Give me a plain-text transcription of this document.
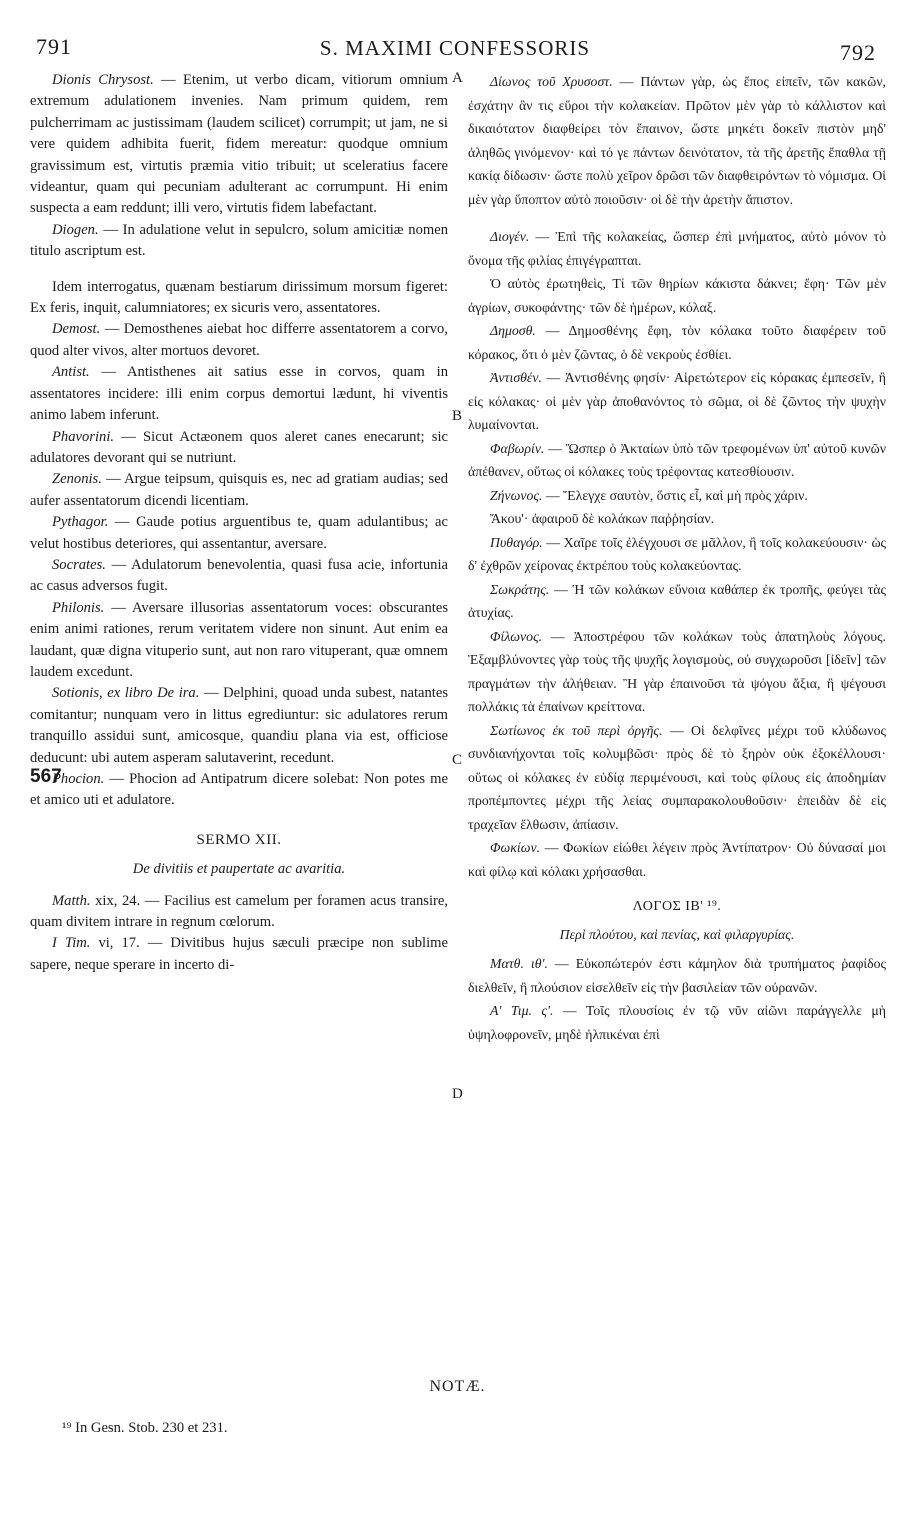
791	S. MAXIMI CONFESSORIS	792

Dionis Chrysost. — Etenim, ut verbo dicam, vitiorum omnium extremum adulationem invenies. Nam primum quidem, rem pulcherrimam ac justissimam (laudem scilicet) corrumpit; ut jam, ne si vere quidem adhibita fuerit, fidem mereatur: quodque omnium gravissimum est, virtutis præmia vitio tribuit; ut sceleratius facere videantur, quam qui pecuniam adulterant ac corrumpunt. Hi enim suspecta a eam reddunt; illi vero, virtutis fidem labefactant.

Diogen. — In adulatione velut in sepulcro, solum amicitiæ nomen titulo ascriptum est.

Idem interrogatus, quænam bestiarum dirissimum morsum figeret: Ex feris, inquit, calumniatores; ex sicuris vero, assentatores.

Demost. — Demosthenes aiebat hoc differre assentatorem a corvo, quod alter vivos, alter mortuos devoret.

Antist. — Antisthenes ait satius esse in corvos, quam in assentatores incidere: illi enim corpus demortui lædunt, hi viventis animo labem inferunt.

Phavorini. — Sicut Actæonem quos aleret canes enecarunt; sic adulatores devorant qui se nutriunt.

Zenonis. — Argue teipsum, quisquis es, nec ad gratiam audias; sed aufer assentatorum dicendi licentiam.

Pythagor. — Gaude potius arguentibus te, quam adulantibus; ac velut hostibus deteriores, qui assentantur, aversare.

Socrates. — Adulatorum benevolentia, quasi fusa acie, infortunia ac casus adversos fugit.

Philonis. — Aversare illusorias assentatorum voces: obscurantes enim animi rationes, rerum veritatem videre non sinunt. Aut enim ea laudant, quæ digna vituperio sunt, aut non raro vituperant, quæ omnem laudem excedunt.

Sotionis, ex libro De ira. — Delphini, quoad unda subest, natantes comitantur; nunquam vero in littus egrediuntur: sic adulatores rerum tranquillo assidui sunt, amicosque, quandiu plana via est, officiose deducunt: ubi autem asperam salutaverint, recedunt.

Phocion. — Phocion ad Antipatrum dicere solebat: Non potes me et amico uti et adulatore.

SERMO XII.

De divitiis et paupertate ac avaritia.

Matth. xix, 24. — Facilius est camelum per foramen acus transire, quam divitem intrare in regnum cœlorum.

I Tim. vi, 17. — Divitibus hujus sæculi præcipe non sublime sapere, neque sperare in incerto di-

Δίωνος τοῦ Χρυσοστ. — Πάντων γὰρ, ὡς ἔπος εἰπεῖν, τῶν κακῶν, ἐσχάτην ἂν τις εὕροι τὴν κολακείαν. Πρῶτον μὲν γὰρ τὸ κάλλιστον καὶ δικαιότατον διαφθείρει τὸν ἔπαινον, ὥστε μηκέτι δοκεῖν πιστὸν μηδ' ἀληθῶς γινόμενον· καὶ τό γε πάντων δεινότατον, τὰ τῆς ἀρετῆς ἔπαθλα τῇ κακίᾳ δίδωσιν· ὥστε πολὺ χεῖρον δρῶσι τῶν διαφθειρόντων τὸ νόμισμα. Οἱ μὲν γὰρ ὕποπτον αὐτὸ ποιοῦσιν· οἱ δὲ τὴν ἀρετὴν ἄπιστον.

Διογέν. — Ἐπὶ τῆς κολακείας, ὥσπερ ἐπὶ μνήματος, αὐτὸ μόνον τὸ ὄνομα τῆς φιλίας ἐπιγέγραπται.

Ὁ αὐτὸς ἐρωτηθεὶς, Τί τῶν θηρίων κάκιστα δάκνει; ἔφη· Τῶν μὲν ἀγρίων, συκοφάντης· τῶν δὲ ἡμέρων, κόλαξ.

Δημοσθ. — Δημοσθένης ἔφη, τὸν κόλακα τοῦτο διαφέρειν τοῦ κόρακος, ὅτι ὁ μὲν ζῶντας, ὁ δὲ νεκροὺς ἐσθίει.

Ἀντισθέν. — Ἀντισθένης φησίν· Αἱρετώτερον εἰς κόρακας ἐμπεσεῖν, ἢ εἰς κόλακας· οἱ μὲν γὰρ ἀποθανόντος τὸ σῶμα, οἱ δὲ ζῶντος τὴν ψυχὴν λυμαίνονται.

Φαβωρίν. — Ὥσπερ ὁ Ἀκταίων ὑπὸ τῶν τρεφομένων ὑπ' αὐτοῦ κυνῶν ἀπέθανεν, οὕτως οἱ κόλακες τοὺς τρέφοντας κατεσθίουσιν.

Ζήνωνος. — Ἔλεγχε σαυτὸν, ὅστις εἶ, καὶ μὴ πρὸς χάριν.

Ἄκου'· ἀφαιροῦ δὲ κολάκων παῤῥησίαν.

Πυθαγόρ. — Χαῖρε τοῖς ἐλέγχουσι σε μᾶλλον, ἢ τοῖς κολακεύουσιν· ὡς δ' ἐχθρῶν χείρονας ἐκτρέπου τοὺς κολακεύοντας.

Σωκράτης. — Ἡ τῶν κολάκων εὔνοια καθάπερ ἐκ τροπῆς, φεύγει τὰς ἀτυχίας.

Φίλωνος. — Ἀποστρέφου τῶν κολάκων τοὺς ἀπατηλοὺς λόγους. Ἐξαμβλύνοντες γὰρ τοὺς τῆς ψυχῆς λογισμοὺς, οὐ συγχωροῦσι [ἰδεῖν] τῶν πραγμάτων τὴν ἀλήθειαν. Ἢ γὰρ ἐπαινοῦσι τὰ ψόγου ἄξια, ἢ ψέγουσι πολλάκις τὰ ἐπαίνων κρείττονα.

Σωτίωνος ἐκ τοῦ περὶ ὀργῆς. — Οἱ δελφῖνες μέχρι τοῦ κλύδωνος συνδιανήχονται τοῖς κολυμβῶσι· πρὸς δὲ τὸ ξηρὸν οὐκ ἐξοκέλλουσι· οὕτως οἱ κόλακες ἐν εὐδίᾳ περιμένουσι, καὶ τοὺς φίλους εἰς ἀποδημίαν προπέμποντες μέχρι τῆς λείας συμπαρακολουθοῦσιν· ἐπειδὰν δὲ εἰς τραχεῖαν ἔλθωσιν, ἀπίασιν.

Φωκίων. — Φωκίων εἰώθει λέγειν πρὸς Ἀντίπατρον· Οὐ δύνασαί μοι καὶ φίλῳ καὶ κόλακι χρήσασθαι.

ΛΟΓΟΣ ΙΒ' ¹⁹.

Περὶ πλούτου, καὶ πενίας, καὶ φιλαργυρίας.

Ματθ. ιθ'. — Εὐκοπώτερόν ἐστι κάμηλον διὰ τρυπήματος ῥαφίδος διελθεῖν, ἢ πλούσιον εἰσελθεῖν εἰς τὴν βασιλείαν τῶν οὐρανῶν.

Α' Τιμ. ς'. — Τοῖς πλουσίοις ἐν τῷ νῦν αἰῶνι παράγγελλε μὴ ὑψηλοφρονεῖν, μηδὲ ἠλπικέναι ἐπὶ

A
B
C
D
567
NOTÆ.
¹⁹ In Gesn. Stob. 230 et 231.
